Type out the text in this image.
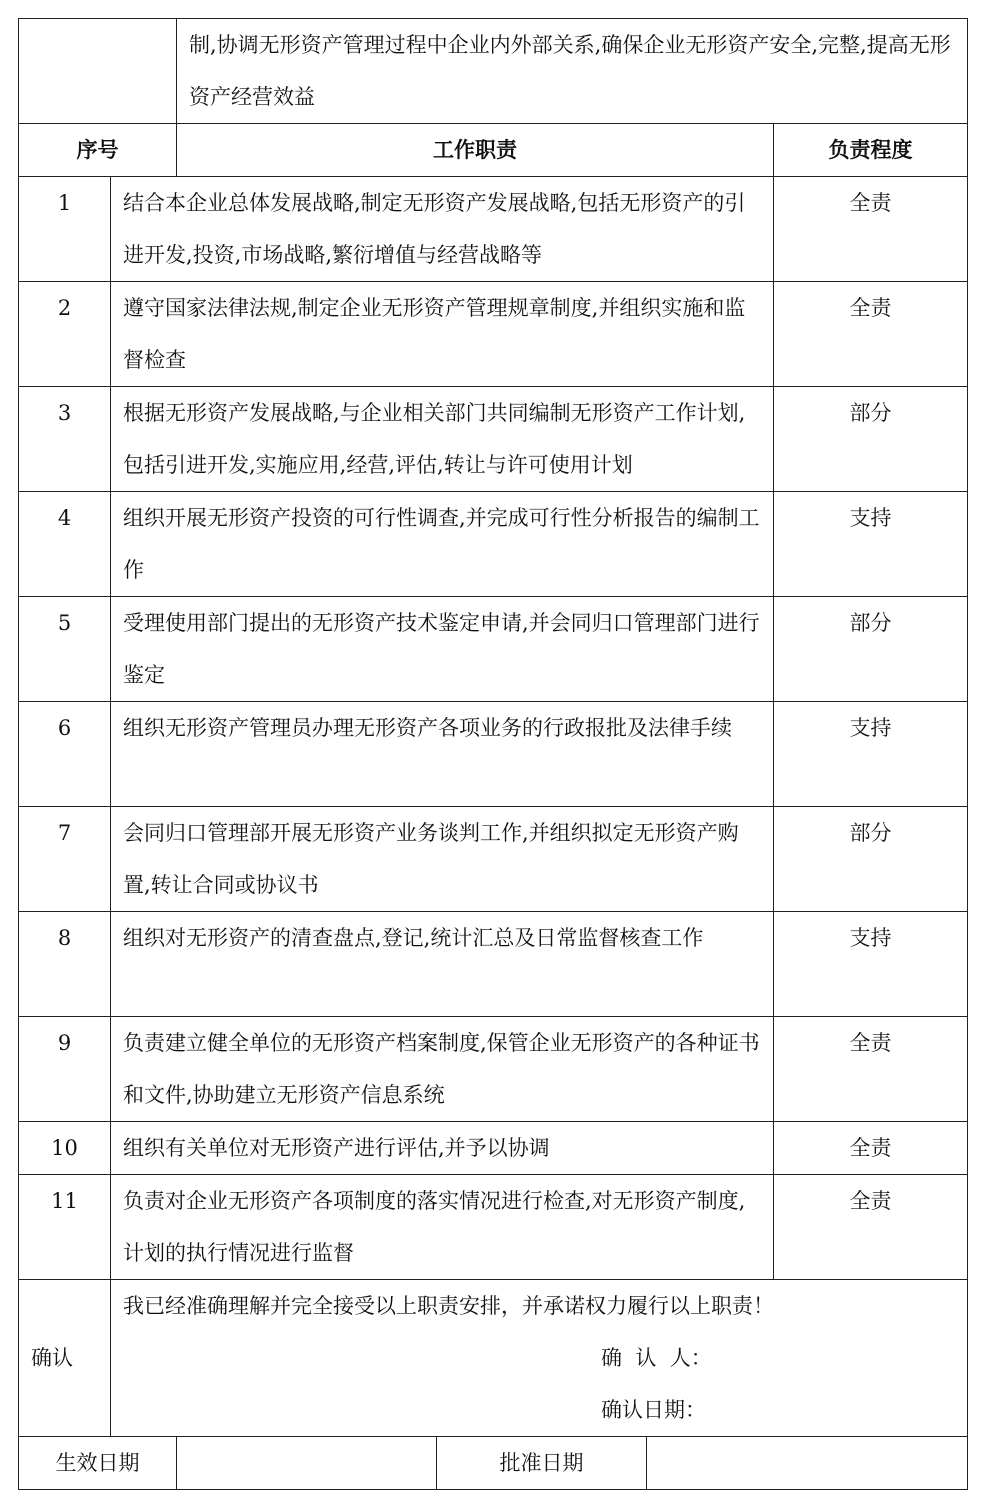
		制,协调无形资产管理过程中企业内外部关系,确保企业无形资产安全,完整,提高无形资产经营效益			
序号		工作职责			负责程度
1	结合本企业总体发展战略,制定无形资产发展战略,包括无形资产的引进开发,投资,市场战略,繁衍增值与经营战略等				全责
2	遵守国家法律法规,制定企业无形资产管理规章制度,并组织实施和监督检查				全责
3	根据无形资产发展战略,与企业相关部门共同编制无形资产工作计划,包括引进开发,实施应用,经营,评估,转让与许可使用计划				部分
4	组织开展无形资产投资的可行性调查,并完成可行性分析报告的编制工作				支持
5	受理使用部门提出的无形资产技术鉴定申请,并会同归口管理部门进行鉴定				部分
6	组织无形资产管理员办理无形资产各项业务的行政报批及法律手续				支持
7	会同归口管理部开展无形资产业务谈判工作,并组织拟定无形资产购置,转让合同或协议书				部分
8	组织对无形资产的清查盘点,登记,统计汇总及日常监督核查工作				支持
9	负责建立健全单位的无形资产档案制度,保管企业无形资产的各种证书和文件,协助建立无形资产信息系统				全责
10	组织有关单位对无形资产进行评估,并予以协调				全责
11	负责对企业无形资产各项制度的落实情况进行检查,对无形资产制度,计划的执行情况进行监督				全责
确认	我已经准确理解并完全接受以上职责安排，并承诺权力履行以上职责！
确  认  人：
确认日期：				

生效日期			批准日期		
